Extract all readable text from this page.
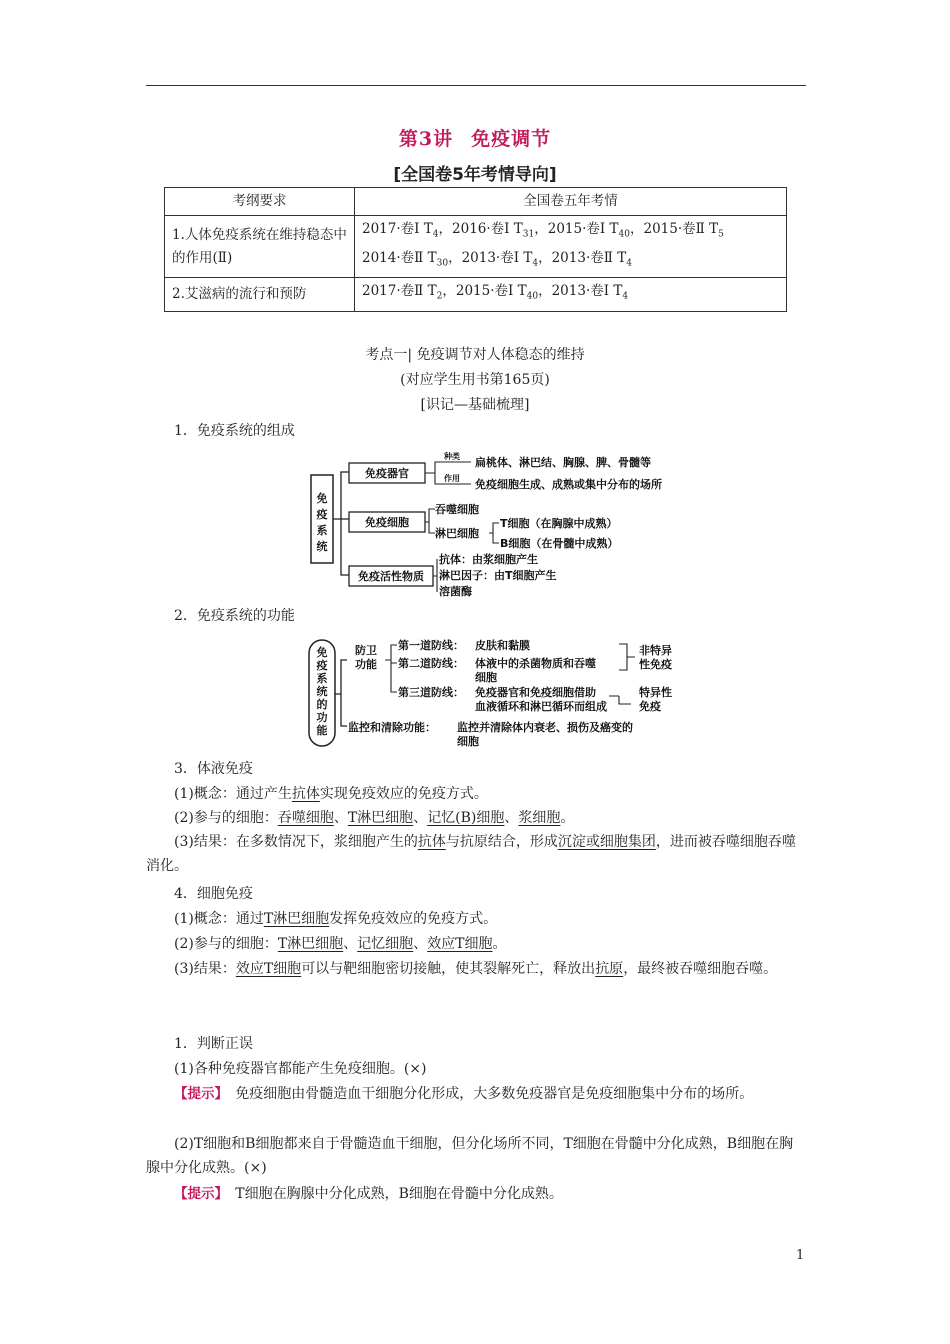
第3讲 免疫调节
[全国卷5年考情导向]
考纲要求	全国卷五年考情
1.人体免疫系统在维持稳态中的作用(Ⅱ)	2017·卷Ⅰ $T_4$，2016·卷Ⅰ $T_{31}$，2015·卷Ⅰ $T_{40}$，2015·卷Ⅱ $T_5$
2014·卷Ⅱ $T_{30}$，2013·卷Ⅰ $T_4$，2013·卷Ⅱ $T_4$

2.艾滋病的流行和预防	2017·卷Ⅱ $T_2$，2015·卷Ⅰ $T_{40}$，2013·卷Ⅰ $T_4$
考点一| 免疫调节对人体稳态的维持
(对应学生用书第165页)
[识记—基础梳理]
1．免疫系统的组成
免
疫
系
统
免疫器官
种类
作用
扁桃体、淋巴结、胸腺、脾、骨髓等
免疫细胞生成、成熟或集中分布的场所
免疫细胞
吞噬细胞
淋巴细胞
T细胞（在胸腺中成熟）
B细胞（在骨髓中成熟）
免疫活性物质
抗体：由浆细胞产生
淋巴因子：由T细胞产生
溶菌酶
2．免疫系统的功能
免
疫
系
统
的
功
能
防卫
功能
第一道防线： 皮肤和黏膜
第二道防线： 体液中的杀菌物质和吞噬
细胞
第三道防线： 免疫器官和免疫细胞借助
血液循环和淋巴循环而组成
非特异
性免疫
特异性
免疫
监控和清除功能： 监控并清除体内衰老、损伤及癌变的
细胞
3．体液免疫
(1)概念：通过产生抗体实现免疫效应的免疫方式。
(2)参与的细胞：吞噬细胞、T淋巴细胞、记忆(B)细胞、浆细胞。
(3)结果：在多数情况下，浆细胞产生的抗体与抗原结合，形成沉淀或细胞集团，进而被吞噬细胞吞噬消化。
4．细胞免疫
(1)概念：通过T淋巴细胞发挥免疫效应的免疫方式。
(2)参与的细胞：T淋巴细胞、记忆细胞、效应T细胞。
(3)结果：效应T细胞可以与靶细胞密切接触，使其裂解死亡，释放出抗原，最终被吞噬细胞吞噬。
1．判断正误
(1)各种免疫器官都能产生免疫细胞。(×)
【提示】　 免疫细胞由骨髓造血干细胞分化形成，大多数免疫器官是免疫细胞集中分布的场所。
(2)T细胞和B细胞都来自于骨髓造血干细胞，但分化场所不同，T细胞在骨髓中分化成熟，B细胞在胸腺中分化成熟。(×)
【提示】　 T细胞在胸腺中分化成熟，B细胞在骨髓中分化成熟。
1
